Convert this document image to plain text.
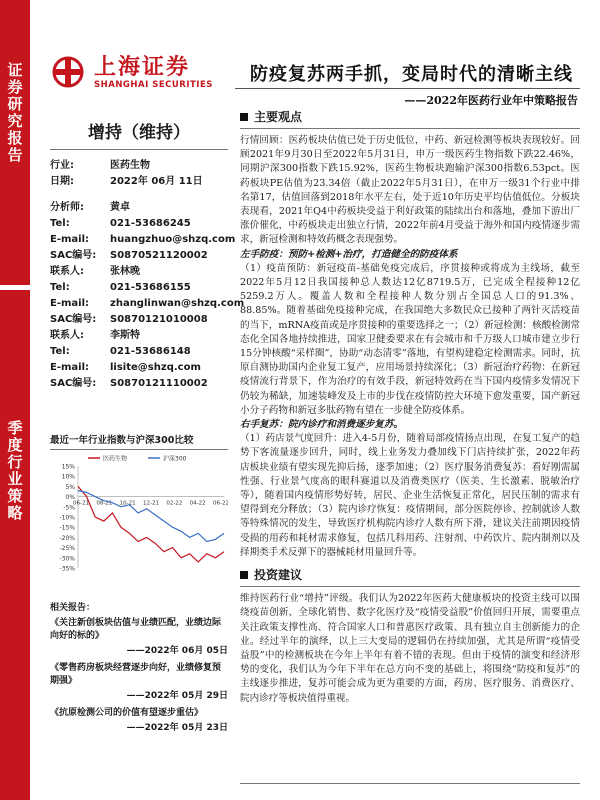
证
券
研
究
报
告
季
度
行
业
策
略
上海证券
SHANGHAI SECURITIES 防疫复苏两手抓，变局时代的清晰主线
——2022年医药行业年中策略报告
增持（维持）
行业:	医药生物
日期:	2022年 06月 11日
分析师:	黄卓
Tel:	021-53686245
E-mail:	huangzhuo@shzq.com
SAC编号:	S0870521120002
联系人:	张林晚
Tel:	021-53686155
E-mail:	zhanglinwan@shzq.com
SAC编号:	S0870121010008
联系人:	李斯特
Tel:	021-53686148
E-mail:	lisite@shzq.com
SAC编号:	S0870121110002
最近一年行业指数与沪深300比较
15%
10%
5%
0%
-5%
-10%
-15%
-20%
-25%
-30%
-35%
06-21 08-21 10-21 12-21 02-22 04-22 06-22
医药生物	沪深300
相关报告：
《关注新创板块估值与业绩匹配，业绩边际向好的标的》
——2022年 06月 05日
《零售药房板块经营逐步向好，业绩修复预期强》
——2022年 05月 29日
《抗原检测公司的价值有望逐步重估》
——2022年 05月 23日
主要观点

行情回顾：医药板块估值已处于历史低位，中药、新冠检测等板块表现较好。回顾2021年9月30日至2022年5月31日，申万一级医药生物指数下跌22.46%，同期沪深300指数下跌15.92%，医药生物板块跑输沪深300指数6.53pct。医药板块PE估值为23.34倍（截止2022年5月31日），在申万一级31个行业中排名第17，估值回落到2018年水平左右，处于近10年历史平均估值低位。分板块表现看，2021年Q4中药板块受益于利好政策的陆续出台和落地，叠加下游出厂涨价催化，中药板块走出独立行情，2022年前4月受益于海外和国内疫情逐步需求，新冠检测和特效药概念表现强势。

左手防疫：预防+检测+治疗，打造健全的防疫体系

（1）疫苗预防：新冠疫苗-基础免疫完成后，序贯接种或将成为主线场，截至2022年5月12日我国接种总人数达12亿8719.5万，已完成全程接种12亿5259.2万人。覆盖人数和全程接种人数分别占全国总人口的91.3%、88.85%。随着基础免疫接种完成，在我国绝大多数民众已接种了两针灭活疫苗的当下，mRNA疫苗或是序贯接种的重要选择之一；（2）新冠检测：核酸检测常态化全国各地持续推进，国家卫健委要求在有会城市和千万级人口城市建立步行15分钟核酸“采样圈”，协助“动态清零”落地，有望构建稳定检测需求。同时，抗原自测协助国内企业复工复产，应用场景持续深化；（3）新冠治疗药物：在新冠疫情流行背景下，作为治疗的有效手段，新冠特效药在当下国内疫情多发情况下仍较为稀缺，加速装峰发及上市的步伐在疫情防控大环境下愈发重要，国产新冠小分子药物和新冠多肽药物有望在一步健全防疫体系。

右手复苏：院内诊疗和消费逐步复苏。

（1）药店景气度回升：进入4-5月份，随着局部疫情扬点出现，在复工复产的趋势下客流量逐步回升，同时，线上业务发力叠加线下门店持续扩张，2022年药店板块业绩有望实现先抑后扬，逐季加速；（2）医疗服务消费复苏：看好刚需属性强、行业景气度高的眼科赛道以及消费类医疗（医美、生长激素、脱敏治疗等），随着国内疫情形势好转，居民、企业生活恢复正常化，居民压制的需求有望得到充分释放；（3）院内诊疗恢复：疫情期间，部分医院停诊、控制就诊人数等特殊情况的发生，导致医疗机构院内诊疗人数有所下滑，建议关注前期因疫情受损的用药和耗材需求修复，包括几科用药、注射剂、中药饮片、院内制剂以及择期类手术反弹下的器械耗材用量回升等。

投资建议

维持医药行业“增持”评级。我们认为2022年医药大健康板块的投资主线可以围绕疫苗创新、全球化销售、数字化医疗及“疫情受益股”价值回归开展，需要重点关注政策支撑性高、符合国家人口和普惠医疗政策、具有独立自主创新能力的企业。经过半年的演绎，以上三大变局的逻辑仍在持续加强，尤其是所谓“疫情受益股”中的检测板块在今年上半年有着不错的表现。但由于疫情的演变和经济形势的变化，我们认为今年下半年在总方向不变的基础上，将围绕“防疫和复苏”的主线逐步推进，复苏可能会成为更为重要的方面，药房、医疗服务、消费医疗、院内诊疗等板块值得重视。
